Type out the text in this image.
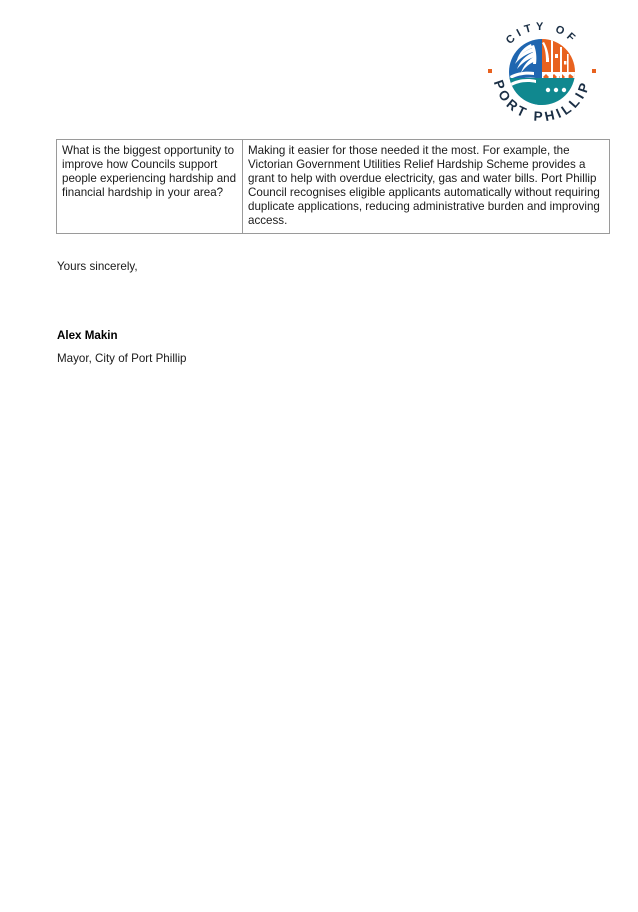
CITY OF
PORT PHILLIP
What is the biggest opportunity to improve how Councils support people experiencing hardship and financial hardship in your area?	Making it easier for those needed it the most. For example, the Victorian Government Utilities Relief Hardship Scheme provides a grant to help with overdue electricity, gas and water bills. Port Phillip Council recognises eligible applicants automatically without requiring duplicate applications, reducing administrative burden and improving access.
Yours sincerely,
Alex Makin
Mayor, City of Port Phillip
